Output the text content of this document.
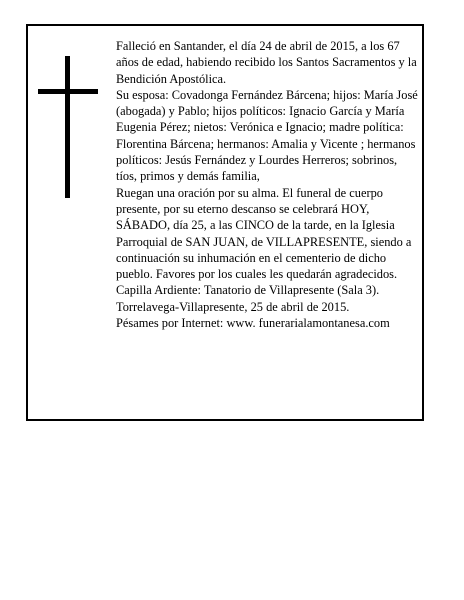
Falleció en Santander, el día 24 de abril de 2015, a los 67 años de edad, habiendo recibido los Santos Sacramentos y la Bendición Apostólica.

Su esposa: Covadonga Fernández Bárcena; hijos: María José (abogada) y Pablo; hijos políticos: Ignacio García y María Eugenia Pérez; nietos: Verónica e Ignacio; madre política: Florentina Bárcena; hermanos: Amalia y Vicente ; hermanos políticos: Jesús Fernández y Lourdes Herreros; sobrinos, tíos, primos y demás familia,

Ruegan una oración por su alma. El funeral de cuerpo presente, por su eterno descanso se celebrará HOY, SÁBADO, día 25, a las CINCO de la tarde, en la Iglesia Parroquial de SAN JUAN, de VILLAPRESENTE, siendo a continuación su inhumación en el cementerio de dicho pueblo. Favores por los cuales les quedarán agradecidos. Capilla Ardiente: Tanatorio de Villapresente (Sala 3).

Torrelavega-Villapresente, 25 de abril de 2015.

Pésames por Internet: www. funerarialamontanesa.com
